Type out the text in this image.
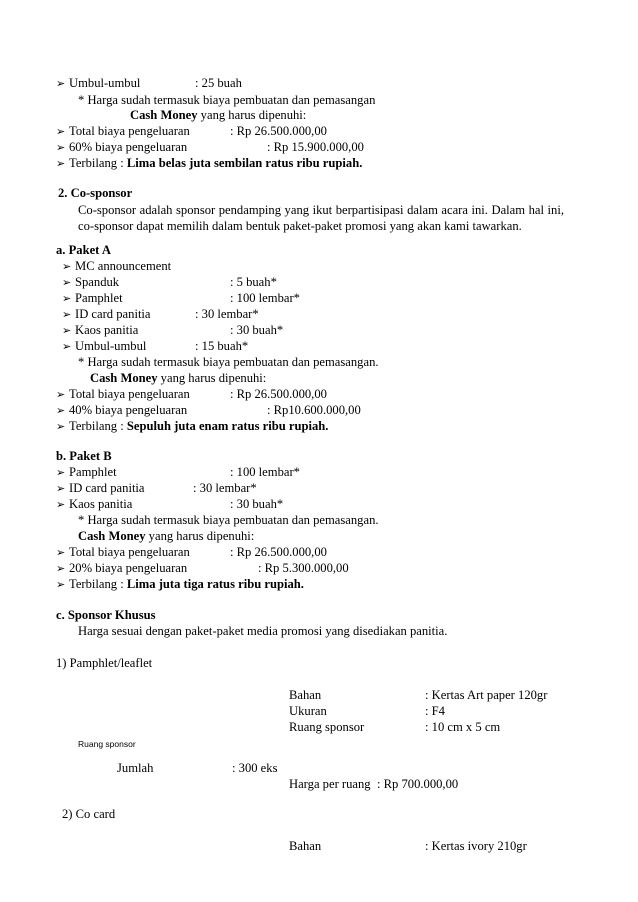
➢ Umbul-umbul	: 25 buah
* Harga sudah termasuk biaya pembuatan dan pemasangan
Cash Money yang harus dipenuhi:
➢ Total biaya pengeluaran	: Rp 26.500.000,00
➢ 60% biaya pengeluaran	: Rp 15.900.000,00
➢ Terbilang : Lima belas juta sembilan ratus ribu rupiah.
2. Co-sponsor
Co-sponsor adalah sponsor pendamping yang ikut berpartisipasi dalam acara ini. Dalam hal ini, co-sponsor dapat memilih dalam bentuk paket-paket promosi yang akan kami tawarkan.
a. Paket A
➢ MC announcement
➢ Spanduk	: 5 buah*
➢ Pamphlet	: 100 lembar*
➢ ID card panitia	: 30 lembar*
➢ Kaos panitia	: 30 buah*
➢ Umbul-umbul	: 15 buah*
* Harga sudah termasuk biaya pembuatan dan pemasangan.
Cash Money yang harus dipenuhi:
➢ Total biaya pengeluaran	: Rp 26.500.000,00
➢ 40% biaya pengeluaran	: Rp10.600.000,00
➢ Terbilang : Sepuluh juta enam ratus ribu rupiah.
b. Paket B
➢ Pamphlet	: 100 lembar*
➢ ID card panitia	: 30 lembar*
➢ Kaos panitia	: 30 buah*
* Harga sudah termasuk biaya pembuatan dan pemasangan.
Cash Money yang harus dipenuhi:
➢ Total biaya pengeluaran	: Rp 26.500.000,00
➢ 20% biaya pengeluaran	: Rp 5.300.000,00
➢ Terbilang : Lima juta tiga ratus ribu rupiah.
c. Sponsor Khusus
Harga sesuai dengan paket-paket media promosi yang disediakan panitia.
1) Pamphlet/leaflet
Bahan	: Kertas Art paper 120gr
Ukuran	: F4
Ruang sponsor	: 10 cm x 5 cm
Ruang sponsor
Jumlah	: 300 eks
Harga per ruang : Rp 700.000,00
2) Co card
Bahan	: Kertas ivory 210gr
